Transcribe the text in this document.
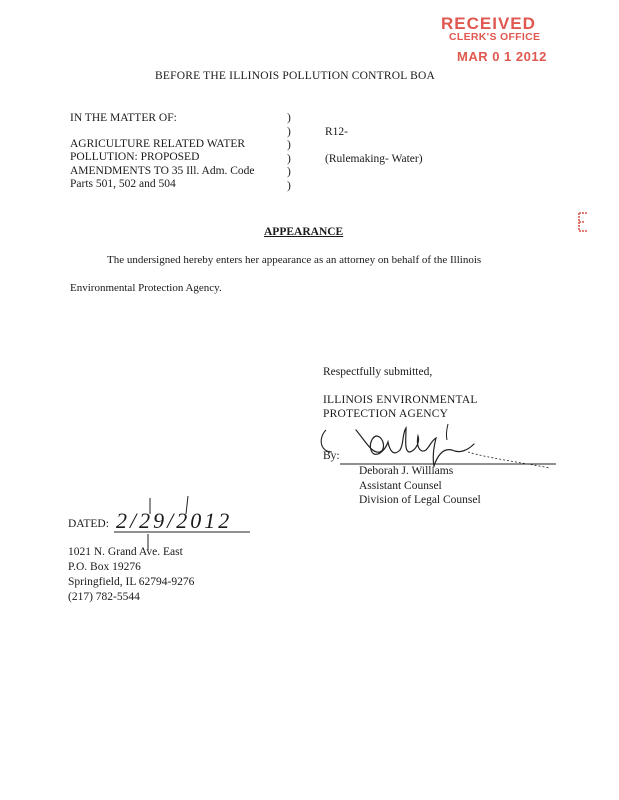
RECEIVED
CLERK'S OFFICE
MAR 0 1 2012
BEFORE THE ILLINOIS POLLUTION CONTROL BOA
IN THE MATTER OF:
AGRICULTURE RELATED WATER
POLLUTION: PROPOSED
AMENDMENTS TO 35 Ill. Adm. Code
Parts 501, 502 and 504
)
)
)
)
)
)
R12-
(Rulemaking- Water)
APPEARANCE
The undersigned hereby enters her appearance as an attorney on behalf of the Illinois
Environmental Protection Agency.
Respectfully submitted,
ILLINOIS ENVIRONMENTAL
PROTECTION AGENCY
By:
Deborah J. Williams
Assistant Counsel
Division of Legal Counsel
DATED: 2/29/2012
1021 N. Grand Ave. East
P.O. Box 19276
Springfield, IL 62794-9276
(217) 782-5544
